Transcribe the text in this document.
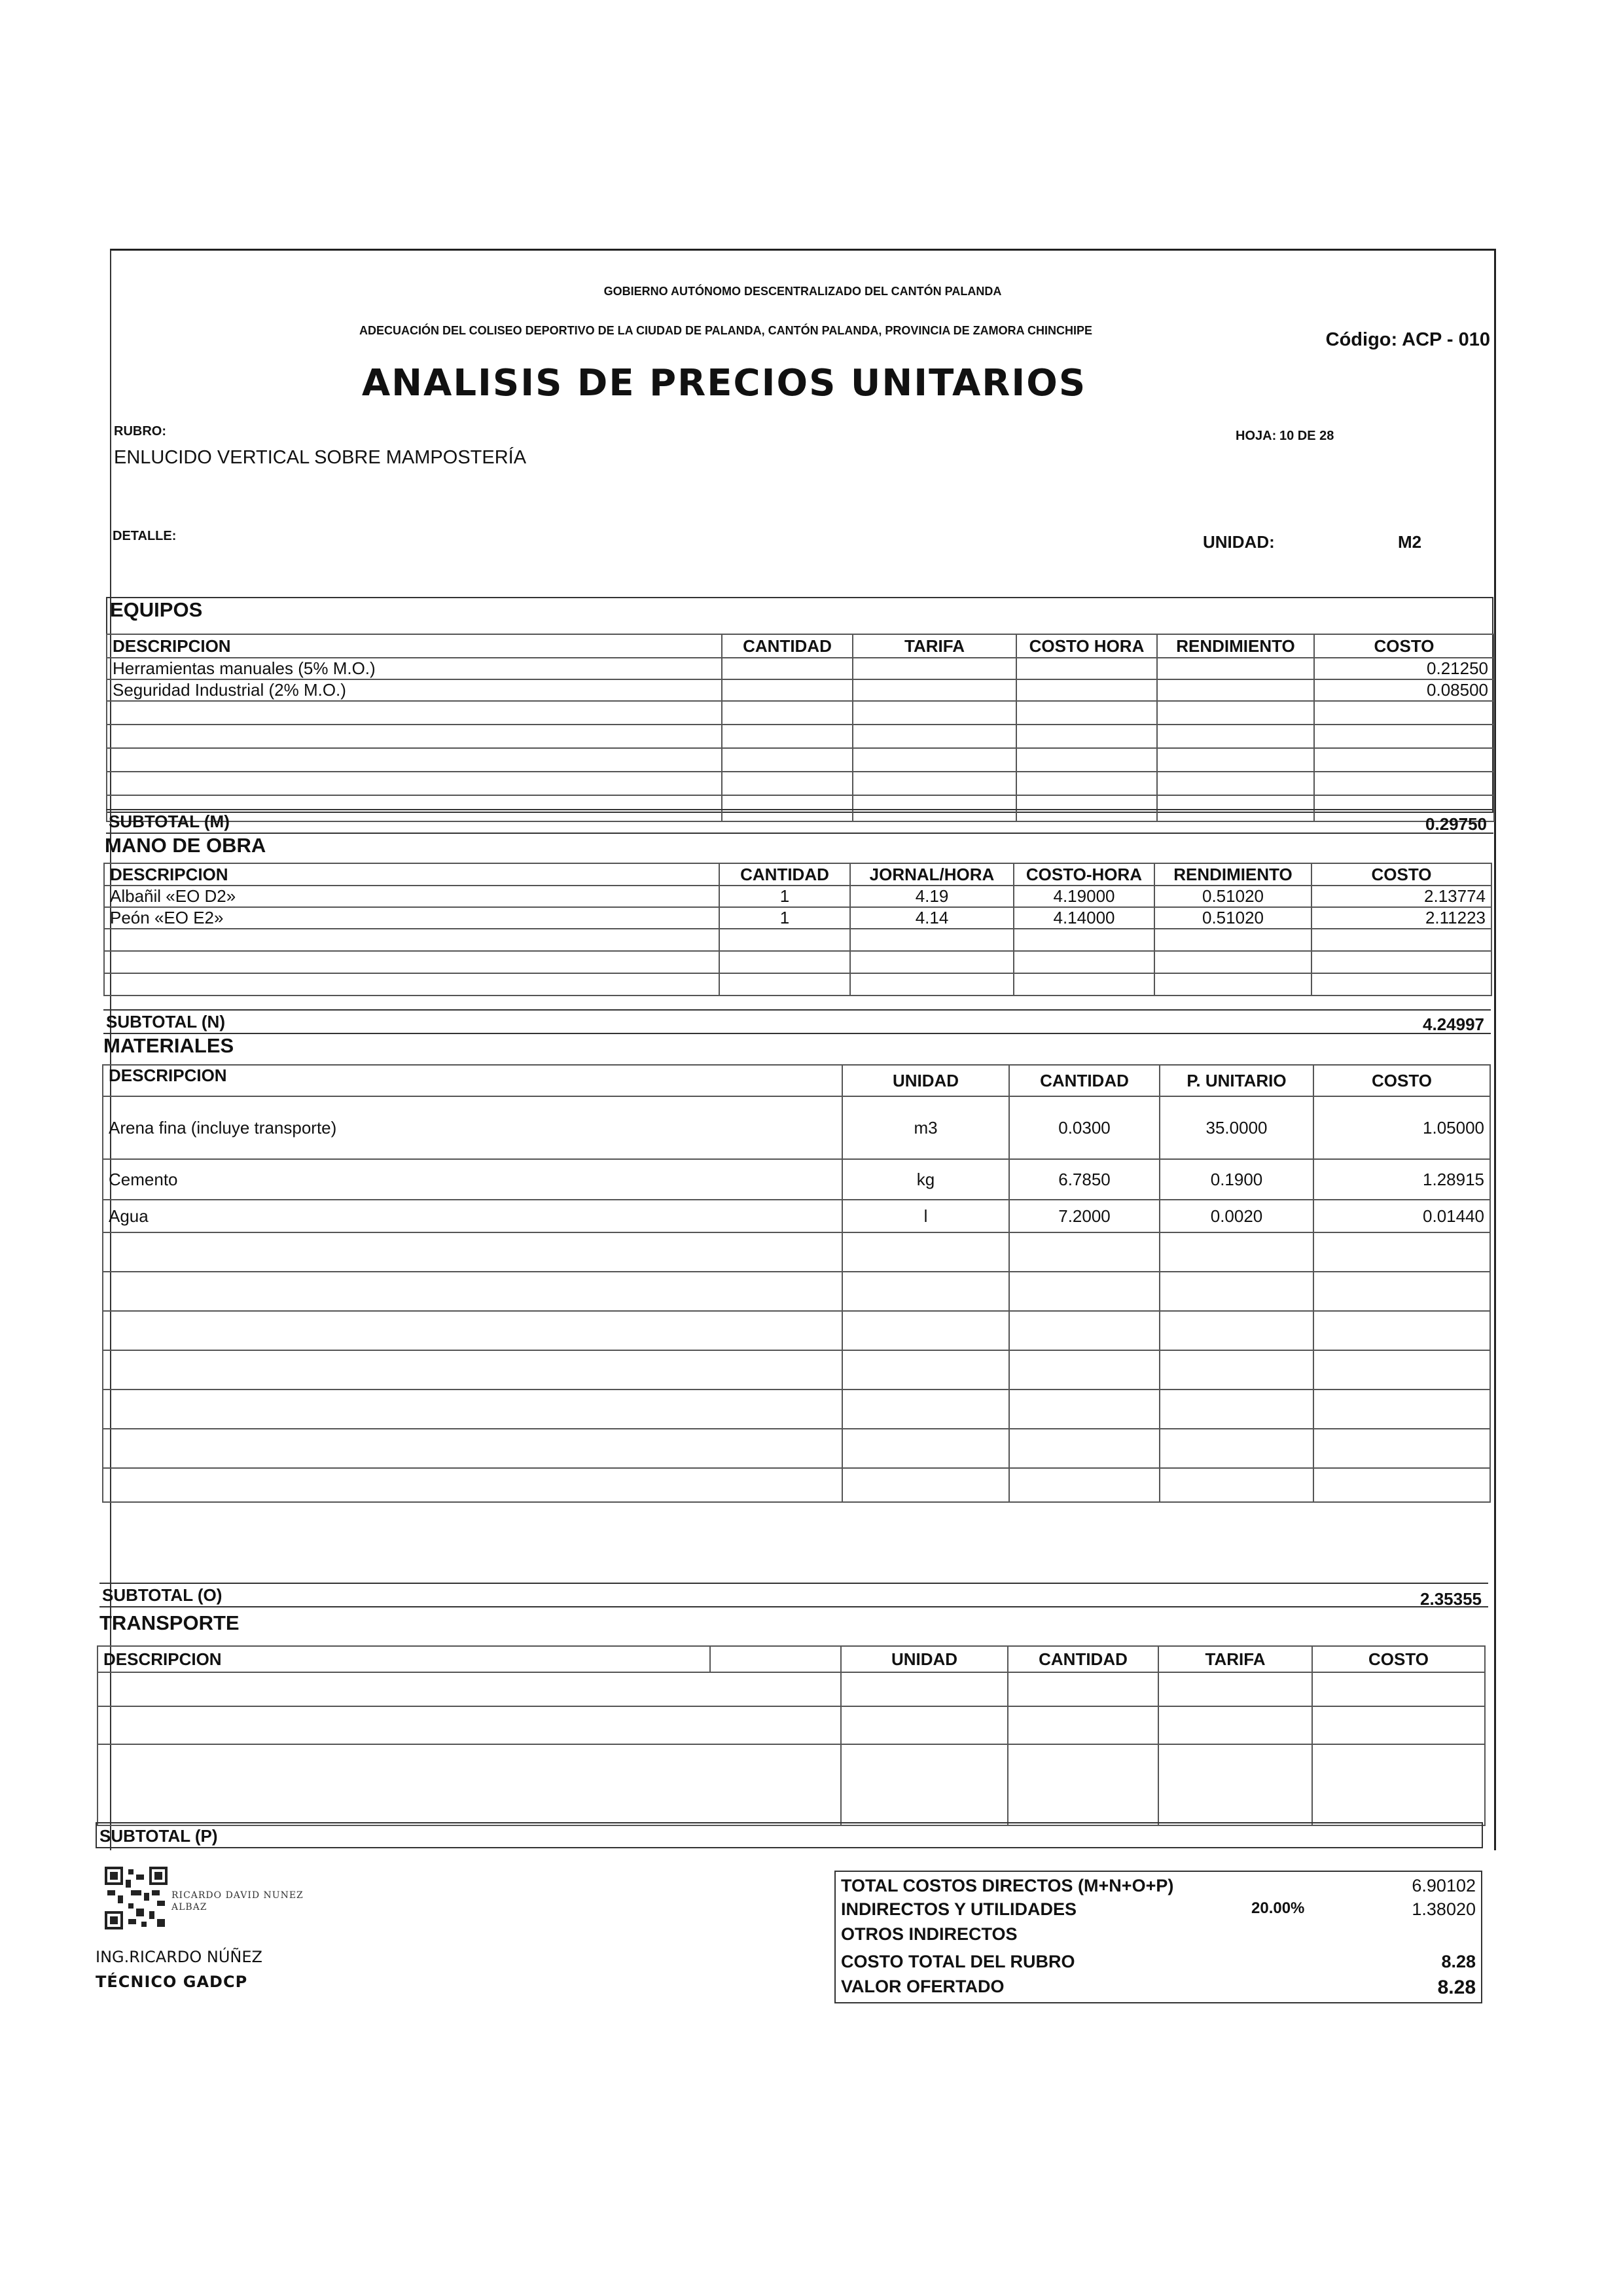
GOBIERNO AUTÓNOMO DESCENTRALIZADO DEL CANTÓN PALANDA
ADECUACIÓN DEL COLISEO DEPORTIVO DE LA CIUDAD DE PALANDA, CANTÓN PALANDA, PROVINCIA DE ZAMORA CHINCHIPE	Código: ACP - 010
ANALISIS DE PRECIOS UNITARIOS
RUBRO:
ENLUCIDO VERTICAL SOBRE MAMPOSTERÍA
HOJA: 10 DE 28
DETALLE:	UNIDAD:	M2
EQUIPOS
DESCRIPCION	CANTIDAD	TARIFA	COSTO HORA	RENDIMIENTO	COSTO
Herramientas manuales (5% M.O.)					0.21250
Seguridad Industrial (2% M.O.)					0.08500

SUBTOTAL (M)	0.29750
MANO DE OBRA
DESCRIPCION	CANTIDAD	JORNAL/HORA	COSTO-HORA	RENDIMIENTO	COSTO
Albañil «EO D2»	1	4.19	4.19000	0.51020	2.13774
Peón «EO E2»	1	4.14	4.14000	0.51020	2.11223

SUBTOTAL (N)	4.24997
MATERIALES
DESCRIPCION	UNIDAD	CANTIDAD	P. UNITARIO	COSTO
Arena fina (incluye transporte)	m3	0.0300	35.0000	1.05000
Cemento	kg	6.7850	0.1900	1.28915
Agua	l	7.2000	0.0020	0.01440

SUBTOTAL (O)	2.35355
TRANSPORTE
DESCRIPCION		UNIDAD	CANTIDAD	TARIFA	COSTO

SUBTOTAL (P)
RICARDO DAVID NUNEZ
ALBAZ
ING.RICARDO NÚÑEZ
TÉCNICO GADCP
TOTAL COSTOS DIRECTOS (M+N+O+P)	6.90102
INDIRECTOS Y UTILIDADES	20.00%	1.38020
OTROS INDIRECTOS
COSTO TOTAL DEL RUBRO	8.28
VALOR OFERTADO	8.28
